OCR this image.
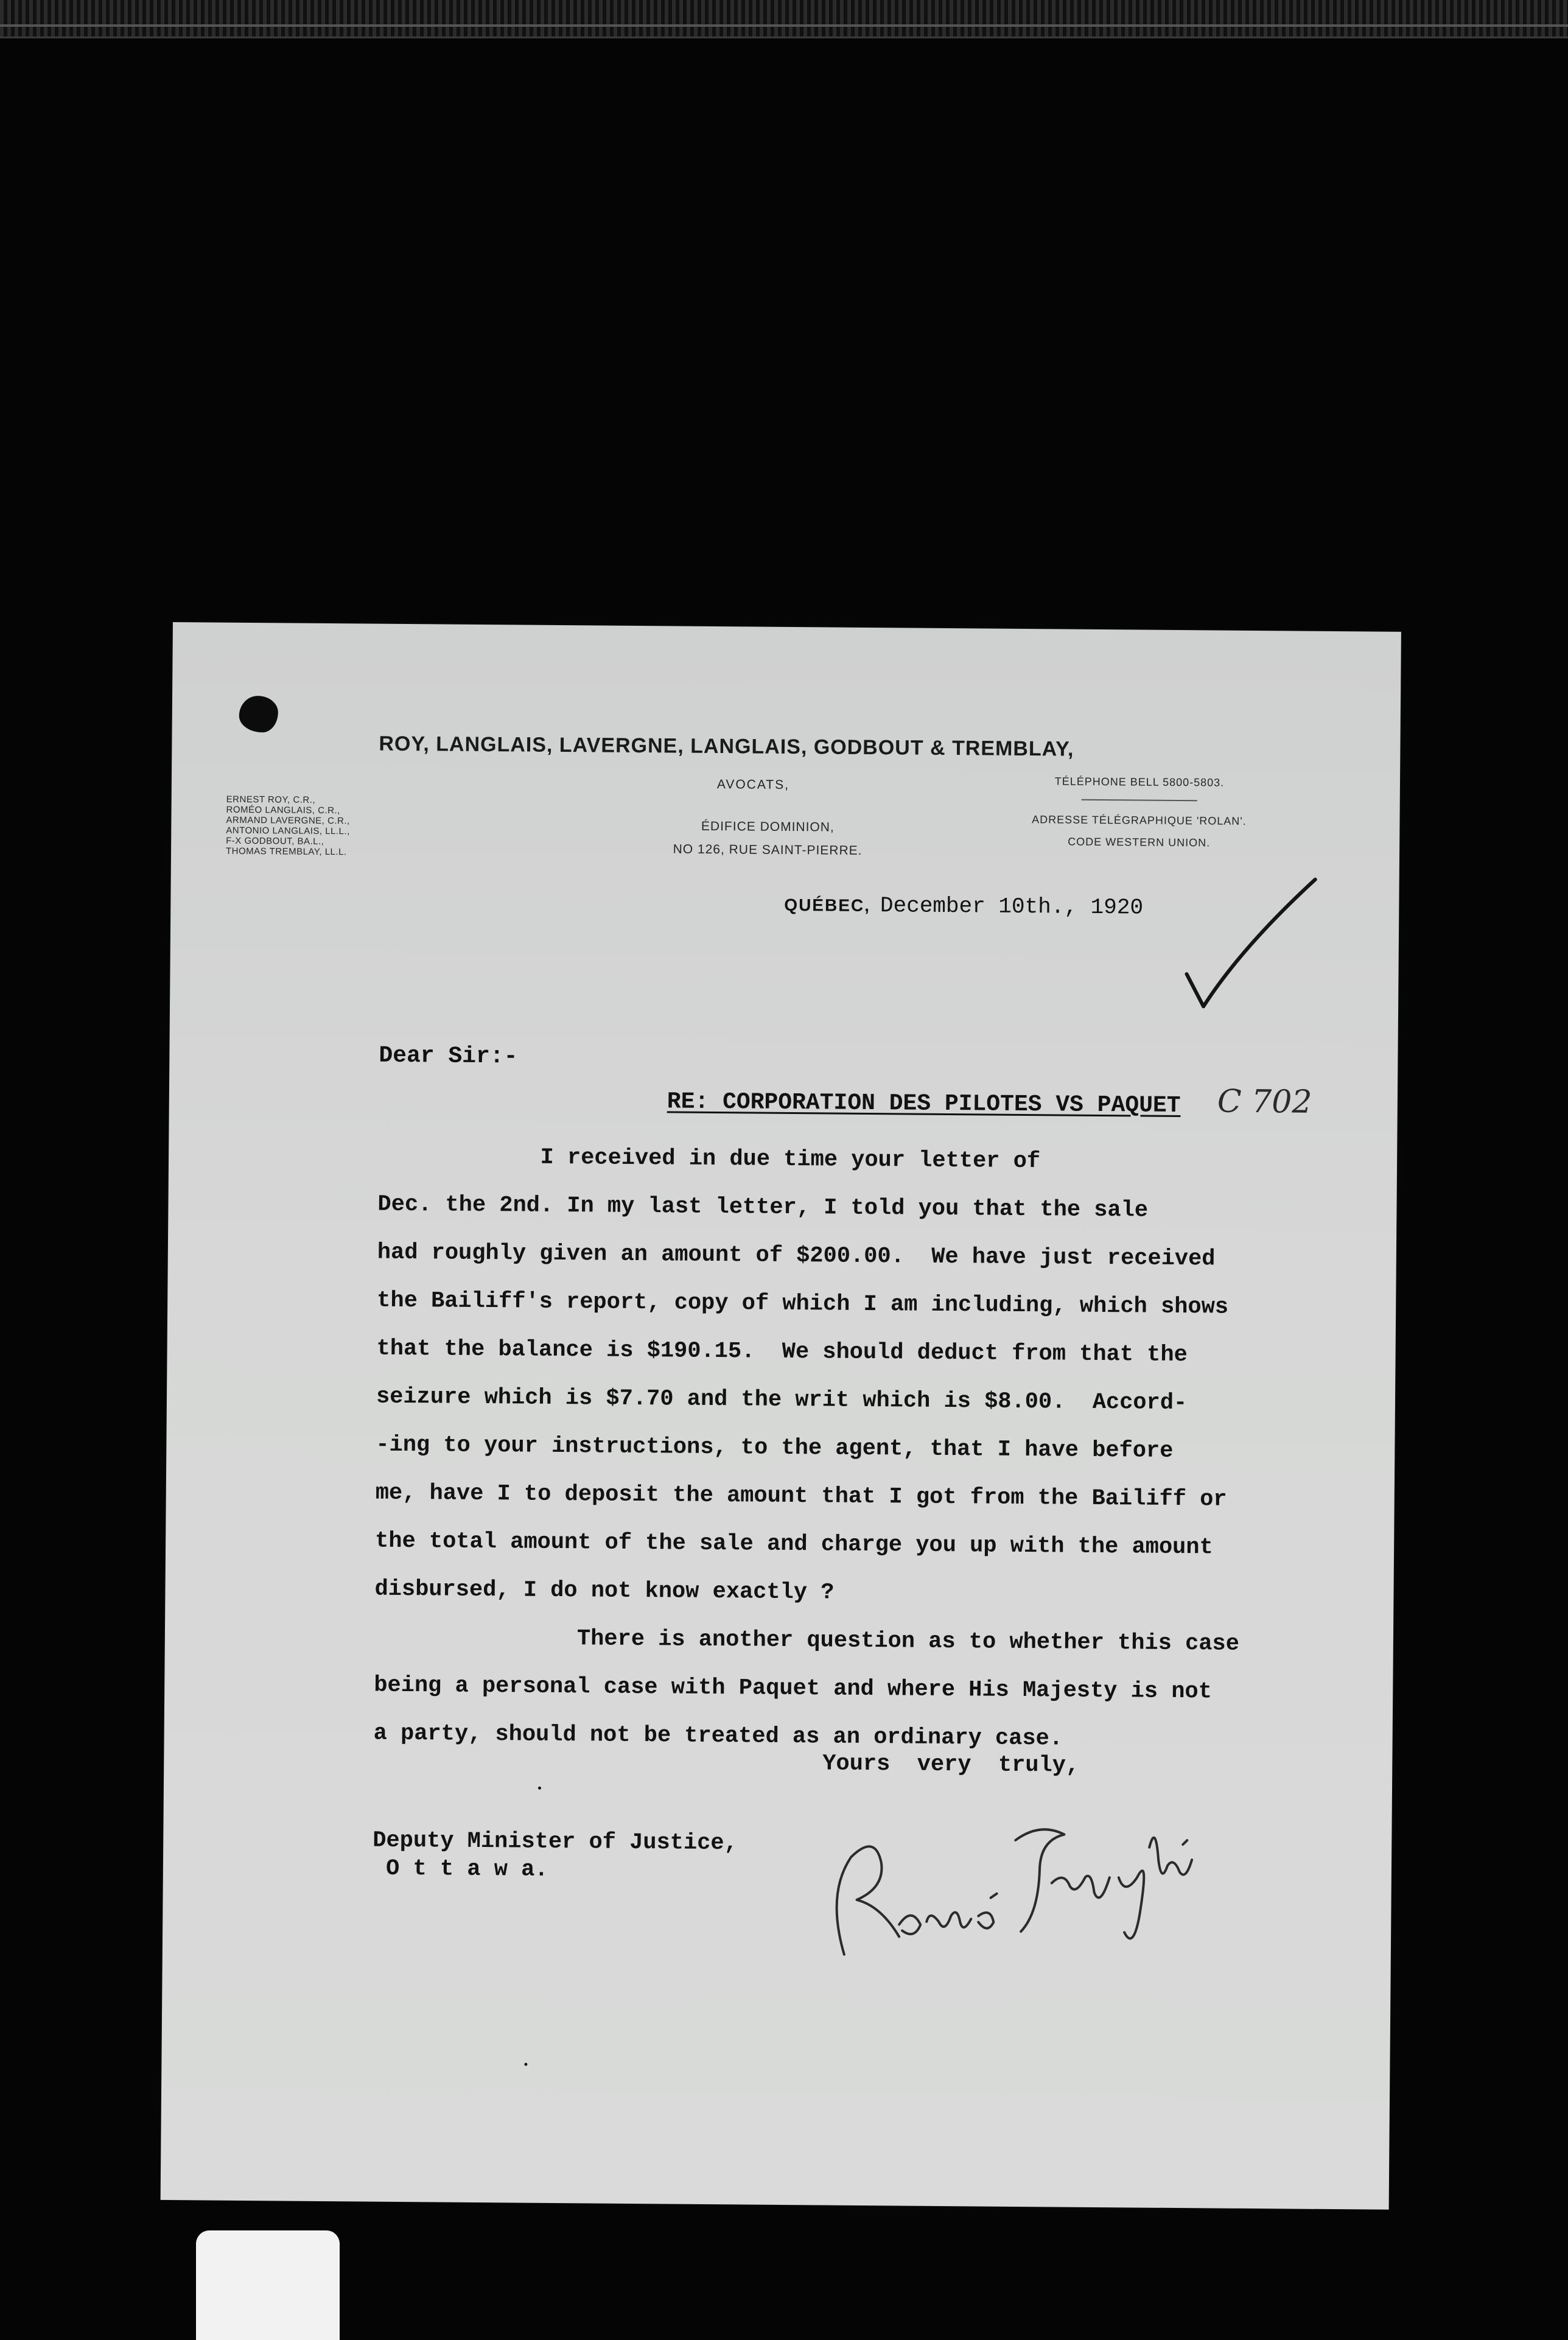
ROY, LANGLAIS, LAVERGNE, LANGLAIS, GODBOUT & TREMBLAY,
AVOCATS,
ERNEST ROY, C.R.,
ROMÉO LANGLAIS, C.R.,
ARMAND LAVERGNE, C.R.,
ANTONIO LANGLAIS, LL.L.,
F-X GODBOUT, BA.L.,
THOMAS TREMBLAY, LL.L.
ÉDIFICE DOMINION,
NO 126, RUE SAINT-PIERRE.
TÉLÉPHONE BELL 5800-5803.
ADRESSE TÉLÉGRAPHIQUE 'ROLAN'.
CODE WESTERN UNION.
QUÉBEC, December 10th., 1920
Dear Sir:-
RE: CORPORATION DES PILOTES VS PAQUET C 702
I received in due time your letter of
Dec. the 2nd. In my last letter, I told you that the sale
had roughly given an amount of $200.00.  We have just received
the Bailiff's report, copy of which I am including, which shows
that the balance is $190.15.  We should deduct from that the
seizure which is $7.70 and the writ which is $8.00.  Accord-
-ing to your instructions, to the agent, that I have before
me, have I to deposit the amount that I got from the Bailiff or
the total amount of the sale and charge you up with the amount
disbursed, I do not know exactly ?
There is another question as to whether this case
being a personal case with Paquet and where His Majesty is not
a party, should not be treated as an ordinary case.
Yours  very  truly,
Deputy Minister of Justice,
O t t a w a.
